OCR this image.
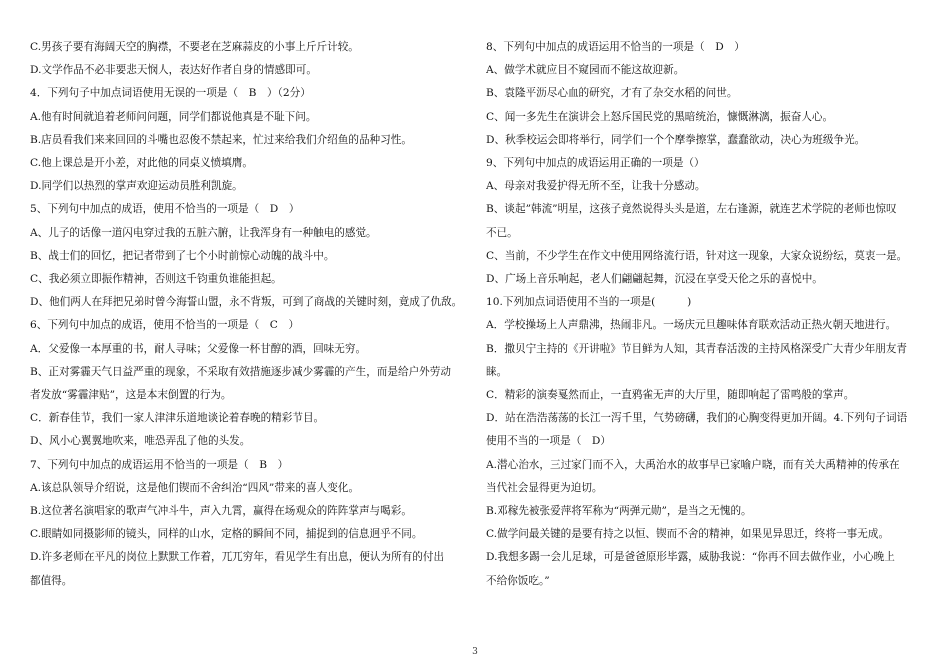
C.男孩子要有海阔天空的胸襟，不要老在芝麻蒜皮的小事上斤斤计较。
D.文学作品不必非要悲天悯人，表达好作者自身的情感即可。
4．下列句子中加点词语使用无误的一项是（　B　）（2分）
A.他有时间就追着老师问问题，同学们都说他真是不耻下问。
B.店员看我们来来回回的斗嘴也忍俊不禁起来，忙过来给我们介绍鱼的品种习性。
C.他上课总是开小差，对此他的同桌义愤填膺。
D.同学们以热烈的掌声欢迎运动员胜利凯旋。
5、下列句中加点的成语，使用不恰当的一项是（　D　）
A、儿子的话像一道闪电穿过我的五脏六腑，让我浑身有一种触电的感觉。
B、战士们的回忆，把记者带到了七个小时前惊心动魄的战斗中。
C、我必须立即振作精神，否则这千钧重负谁能担起。
D、他们两人在拜把兄弟时曾今海誓山盟，永不背叛，可到了商战的关键时刻，竟成了仇敌。
6、下列句中加点的成语，使用不恰当的一项是（　C　）
A．父爱像一本厚重的书，耐人寻味；父爱像一杯甘醇的酒，回味无穷。
B、正对雾霾天气日益严重的现象，不采取有效措施逐步减少雾霾的产生，而是给户外劳动
者发放“雾霾津贴”，这是本末倒置的行为。
C．新春佳节，我们一家人津津乐道地谈论着春晚的精彩节目。
D、风小心翼翼地吹来，唯恐弄乱了他的头发。
7、下列句中加点的成语运用不恰当的一项是（　B　）
A.该总队领导介绍说，这是他们锲而不舍纠治“四风”带来的喜人变化。
B.这位著名演唱家的歌声气冲斗牛，声入九霄，赢得在场观众的阵阵掌声与喝彩。
C.眼睛如同摄影师的镜头，同样的山水，定格的瞬间不同，捕捉到的信息迥乎不同。
D.许多老师在平凡的岗位上默默工作着，兀兀穷年，看见学生有出息，便认为所有的付出
都值得。
8、下列句中加点的成语运用不恰当的一项是（　D　）
A、做学术就应目不窥园而不能这故迎新。
B、袁隆平沥尽心血的研究，才有了杂交水稻的问世。
C、闻一多先生在演讲会上怒斥国民党的黑暗统治，慷慨淋漓，振奋人心。
D、秋季校运会即将举行，同学们一个个摩拳擦掌，蠢蠢欲动，决心为班级争光。
9、下列句中加点的成语运用正确的一项是（）
A、母亲对我爱护得无所不至，让我十分感动。
B、谈起”韩流”明星，这孩子竟然说得头头是道，左右逢源，就连艺术学院的老师也惊叹
不已。
C、当前，不少学生在作文中使用网络流行语，针对这一现象，大家众说纷纭，莫衷一是。
D、广场上音乐响起，老人们翩翩起舞，沉浸在享受天伦之乐的喜悦中。
10.下列加点词语使用不当的一项是(　　　)
A．学校操场上人声鼎沸，热闹非凡。一场庆元旦趣味体育联欢活动正热火朝天地进行。
B．撒贝宁主持的《开讲啦》节目鲜为人知，其青春活泼的主持风格深受广大青少年朋友青
睐。
C．精彩的演奏戛然而止，一直鸦雀无声的大厅里，随即响起了雷鸣般的掌声。
D．站在浩浩荡荡的长江一泻千里，气势磅礴，我们的心胸变得更加开阔。4.下列句子词语
使用不当的一项是（　D）
A.潜心治水，三过家门而不入，大禹治水的故事早已家喻户晓，而有关大禹精神的传承在
当代社会显得更为迫切。
B.邓稼先被张爱萍将军称为“两弹元勋”，是当之无愧的。
C.做学问最关键的是要有持之以恒、锲而不舍的精神，如果见异思迁，终将一事无成。
D.我想多踢一会儿足球，可是爸爸原形毕露，威胁我说：“你再不回去做作业，小心晚上
不给你饭吃。”
3
